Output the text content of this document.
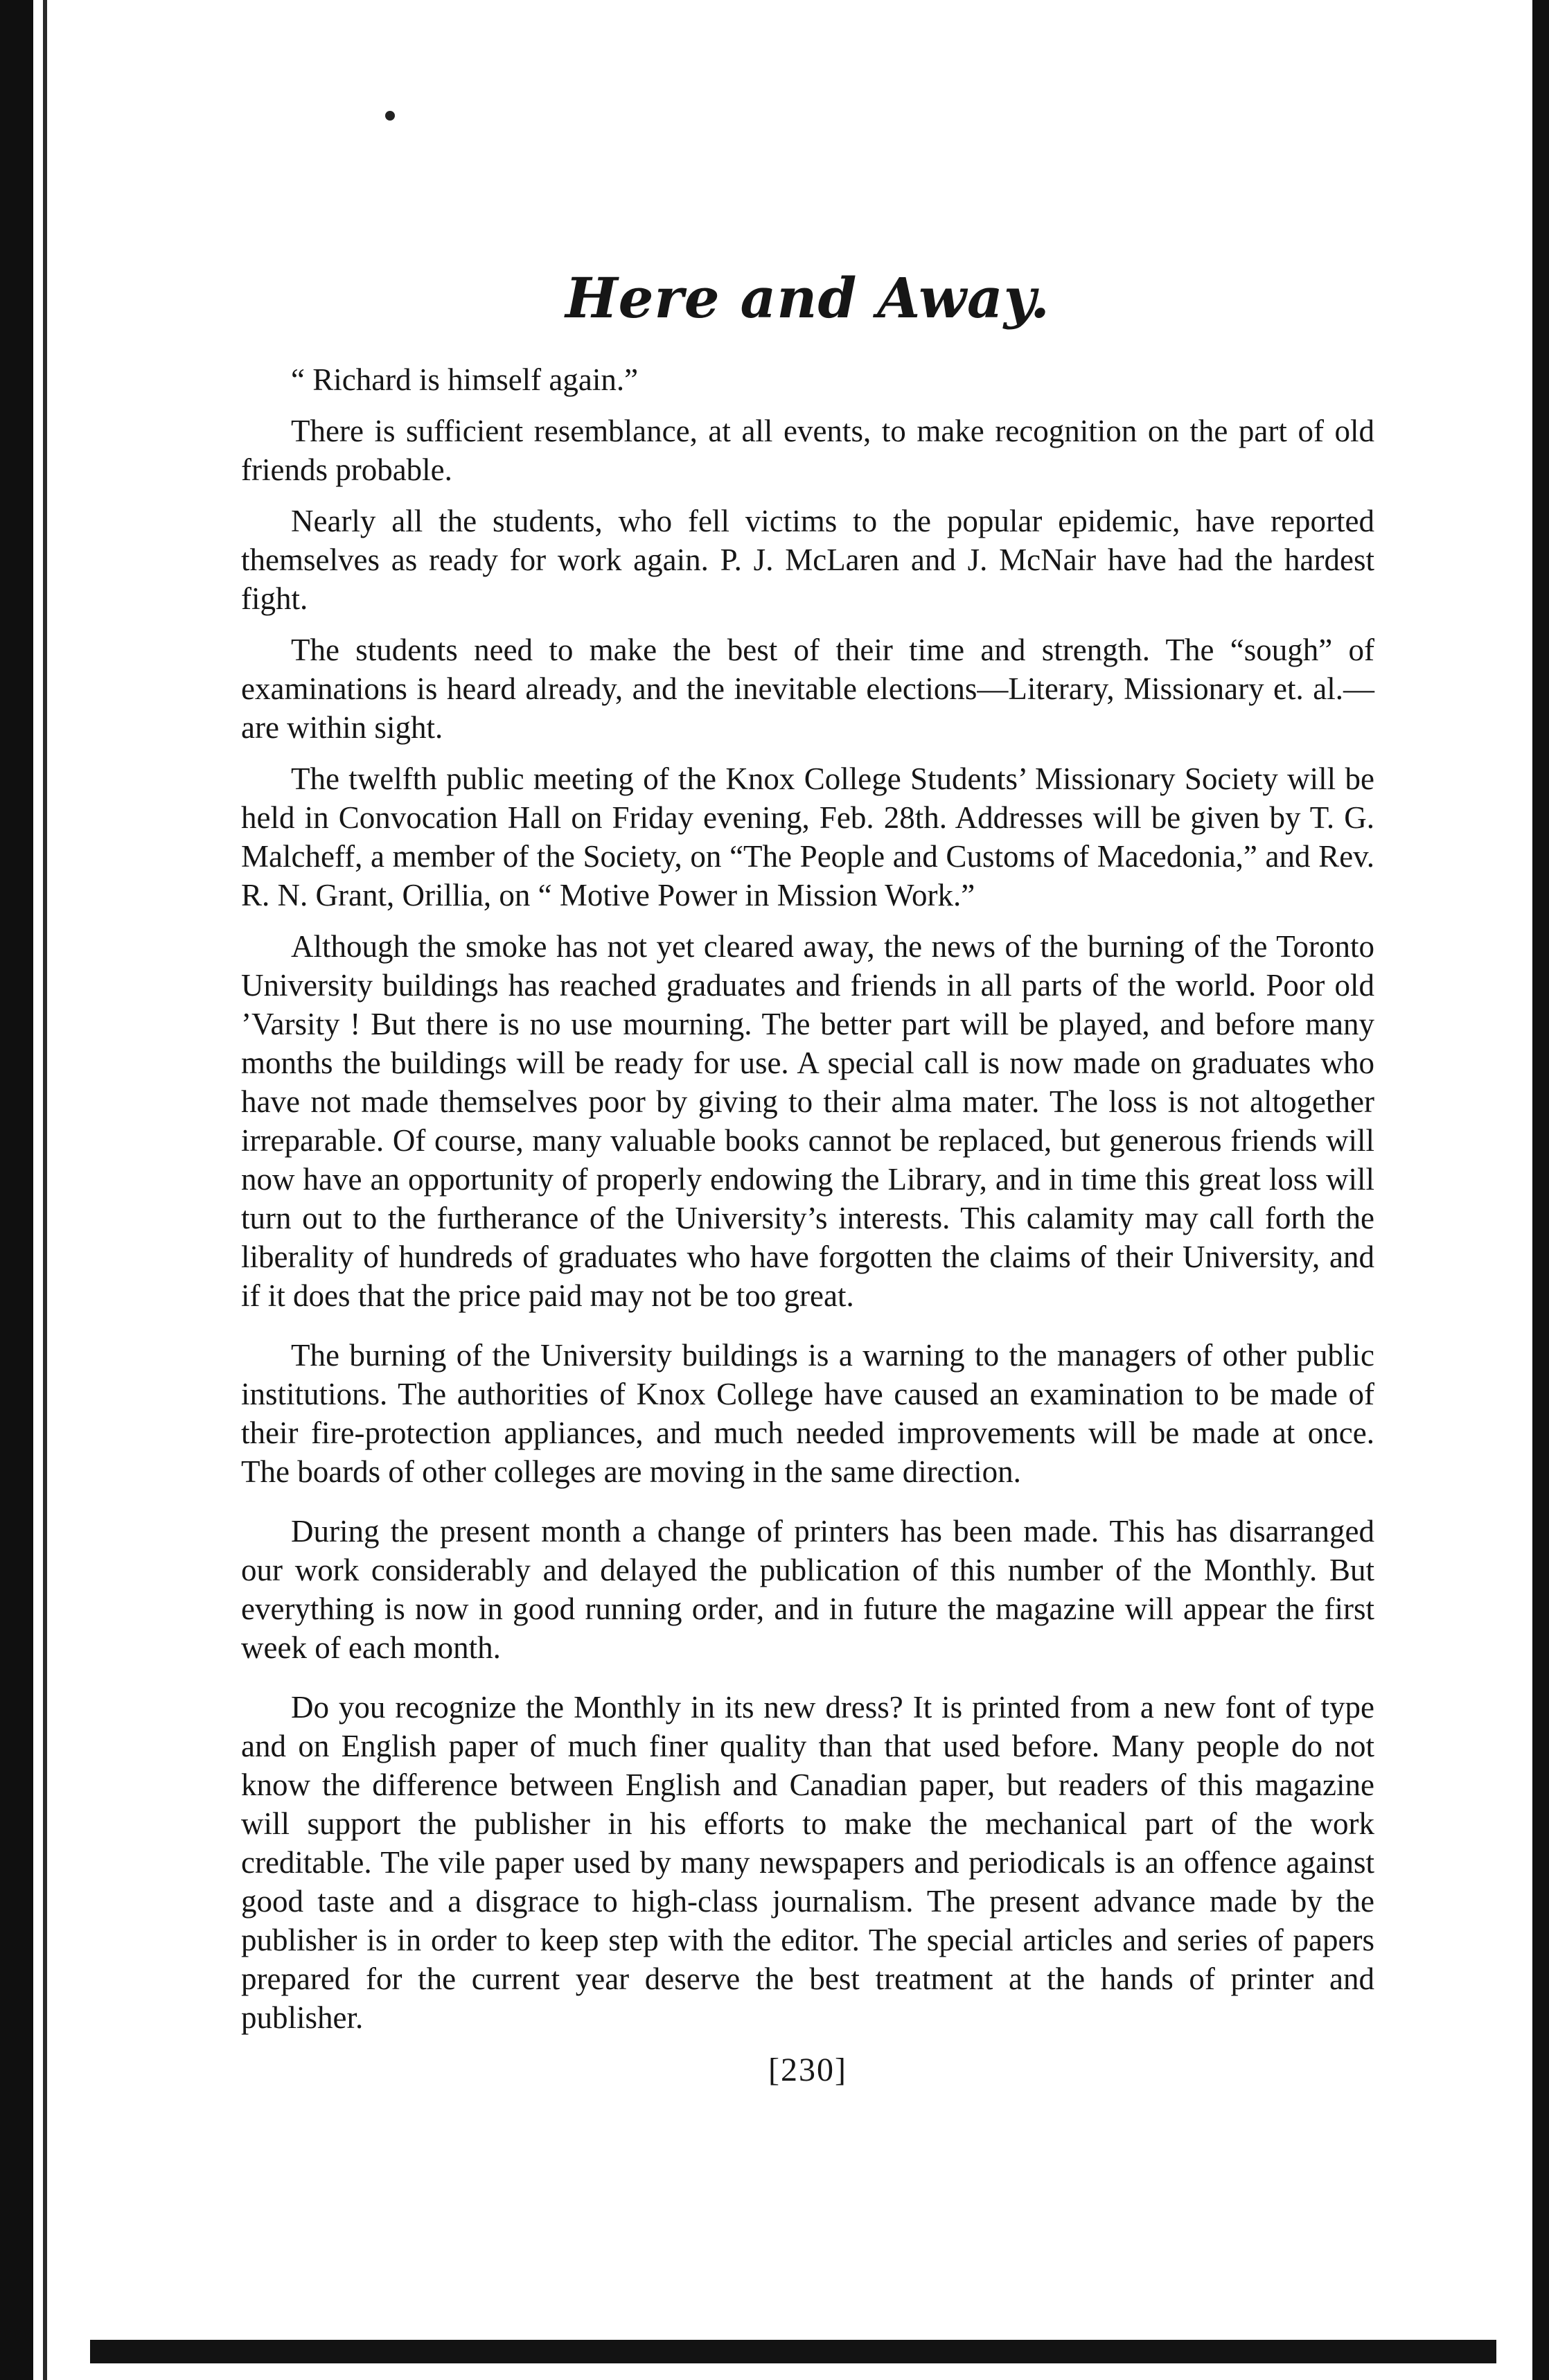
Here and Away.

“ Richard is himself again.”

There is sufficient resemblance, at all events, to make recognition on the part of old friends probable.

Nearly all the students, who fell victims to the popular epidemic, have reported themselves as ready for work again. P. J. McLaren and J. McNair have had the hardest fight.

The students need to make the best of their time and strength. The “sough” of examinations is heard already, and the inevitable elections—Literary, Missionary et. al.—are within sight.

The twelfth public meeting of the Knox College Students’ Missionary Society will be held in Convocation Hall on Friday evening, Feb. 28th. Addresses will be given by T. G. Malcheff, a member of the Society, on “The People and Customs of Macedonia,” and Rev. R. N. Grant, Orillia, on “ Motive Power in Mission Work.”

Although the smoke has not yet cleared away, the news of the burning of the Toronto University buildings has reached graduates and friends in all parts of the world. Poor old ’Varsity ! But there is no use mourning. The better part will be played, and before many months the buildings will be ready for use. A special call is now made on graduates who have not made themselves poor by giving to their alma mater. The loss is not altogether irreparable. Of course, many valuable books cannot be replaced, but generous friends will now have an opportunity of properly endowing the Library, and in time this great loss will turn out to the furtherance of the University’s interests. This calamity may call forth the liberality of hundreds of graduates who have forgotten the claims of their University, and if it does that the price paid may not be too great.

The burning of the University buildings is a warning to the managers of other public institutions. The authorities of Knox College have caused an examination to be made of their fire-protection appliances, and much needed improvements will be made at once. The boards of other colleges are moving in the same direction.

During the present month a change of printers has been made. This has disarranged our work considerably and delayed the publication of this number of the Monthly. But everything is now in good running order, and in future the magazine will appear the first week of each month.

Do you recognize the Monthly in its new dress? It is printed from a new font of type and on English paper of much finer quality than that used before. Many people do not know the difference between English and Canadian paper, but readers of this magazine will support the publisher in his efforts to make the mechanical part of the work creditable. The vile paper used by many newspapers and periodicals is an offence against good taste and a disgrace to high-class journalism. The present advance made by the publisher is in order to keep step with the editor. The special articles and series of papers prepared for the current year deserve the best treatment at the hands of printer and publisher.

[230]
